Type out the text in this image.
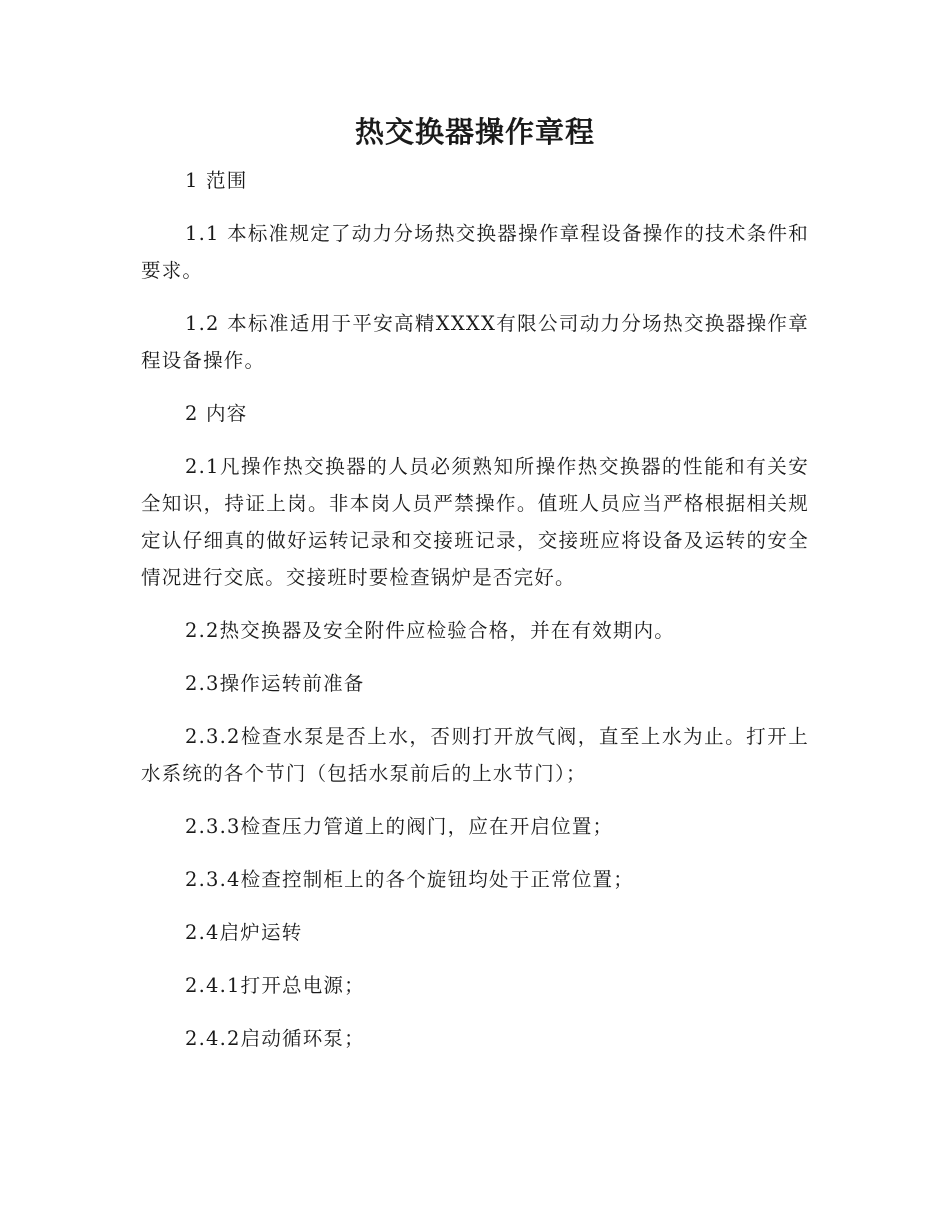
热交换器操作章程

1 范围

1.1 本标准规定了动力分场热交换器操作章程设备操作的技术条件和要求。

1.2 本标准适用于平安高精XXXX有限公司动力分场热交换器操作章程设备操作。

2 内容

2.1凡操作热交换器的人员必须熟知所操作热交换器的性能和有关安全知识，持证上岗。非本岗人员严禁操作。值班人员应当严格根据相关规定认仔细真的做好运转记录和交接班记录，交接班应将设备及运转的安全情况进行交底。交接班时要检查锅炉是否完好。

2.2热交换器及安全附件应检验合格，并在有效期内。

2.3操作运转前准备

2.3.2检查水泵是否上水，否则打开放气阀，直至上水为止。打开上水系统的各个节门（包括水泵前后的上水节门）；

2.3.3检查压力管道上的阀门，应在开启位置；

2.3.4检查控制柜上的各个旋钮均处于正常位置；

2.4启炉运转

2.4.1打开总电源；

2.4.2启动循环泵；
